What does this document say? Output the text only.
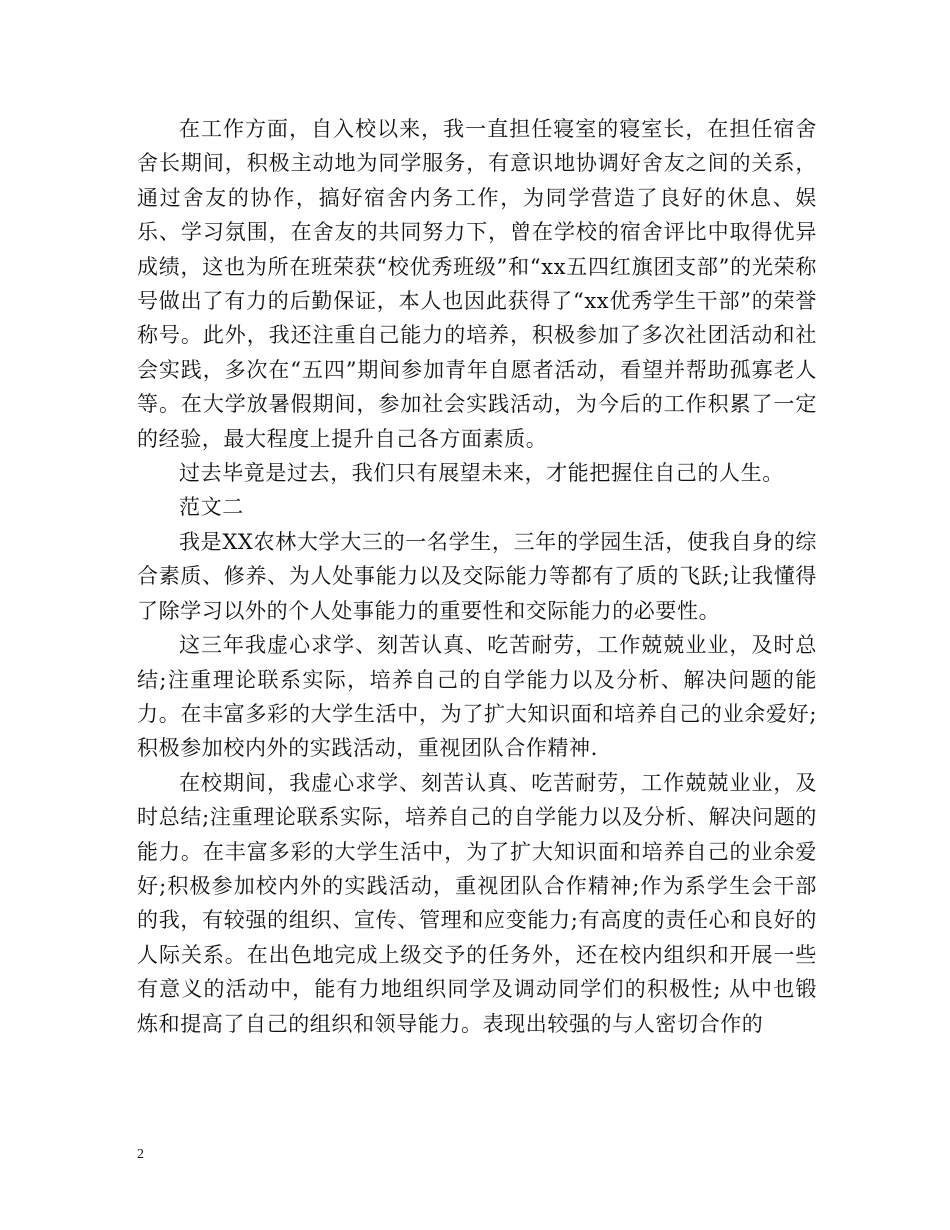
在工作方面，自入校以来，我一直担任寝室的寝室长，在担任宿舍舍长期间，积极主动地为同学服务，有意识地协调好舍友之间的关系，通过舍友的协作，搞好宿舍内务工作，为同学营造了良好的休息、娱乐、学习氛围，在舍友的共同努力下，曾在学校的宿舍评比中取得优异成绩，这也为所在班荣获“校优秀班级”和“xx五四红旗团支部”的光荣称号做出了有力的后勤保证，本人也因此获得了“xx优秀学生干部”的荣誉称号。此外，我还注重自己能力的培养，积极参加了多次社团活动和社会实践，多次在“五四”期间参加青年自愿者活动，看望并帮助孤寡老人等。在大学放暑假期间，参加社会实践活动，为今后的工作积累了一定的经验，最大程度上提升自己各方面素质。

过去毕竟是过去，我们只有展望未来，才能把握住自己的人生。

范文二

我是XX农林大学大三的一名学生，三年的学园生活，使我自身的综合素质、修养、为人处事能力以及交际能力等都有了质的飞跃;让我懂得了除学习以外的个人处事能力的重要性和交际能力的必要性。

这三年我虚心求学、刻苦认真、吃苦耐劳，工作兢兢业业，及时总结;注重理论联系实际，培养自己的自学能力以及分析、解决问题的能力。在丰富多彩的大学生活中，为了扩大知识面和培养自己的业余爱好;积极参加校内外的实践活动，重视团队合作精神.

在校期间，我虚心求学、刻苦认真、吃苦耐劳，工作兢兢业业，及时总结;注重理论联系实际，培养自己的自学能力以及分析、解决问题的能力。在丰富多彩的大学生活中，为了扩大知识面和培养自己的业余爱好;积极参加校内外的实践活动，重视团队合作精神;作为系学生会干部的我，有较强的组织、宣传、管理和应变能力;有高度的责任心和良好的人际关系。在出色地完成上级交予的任务外，还在校内组织和开展一些有意义的活动中，能有力地组织同学及调动同学们的积极性; 从中也锻炼和提高了自己的组织和领导能力。表现出较强的与人密切合作的

2
